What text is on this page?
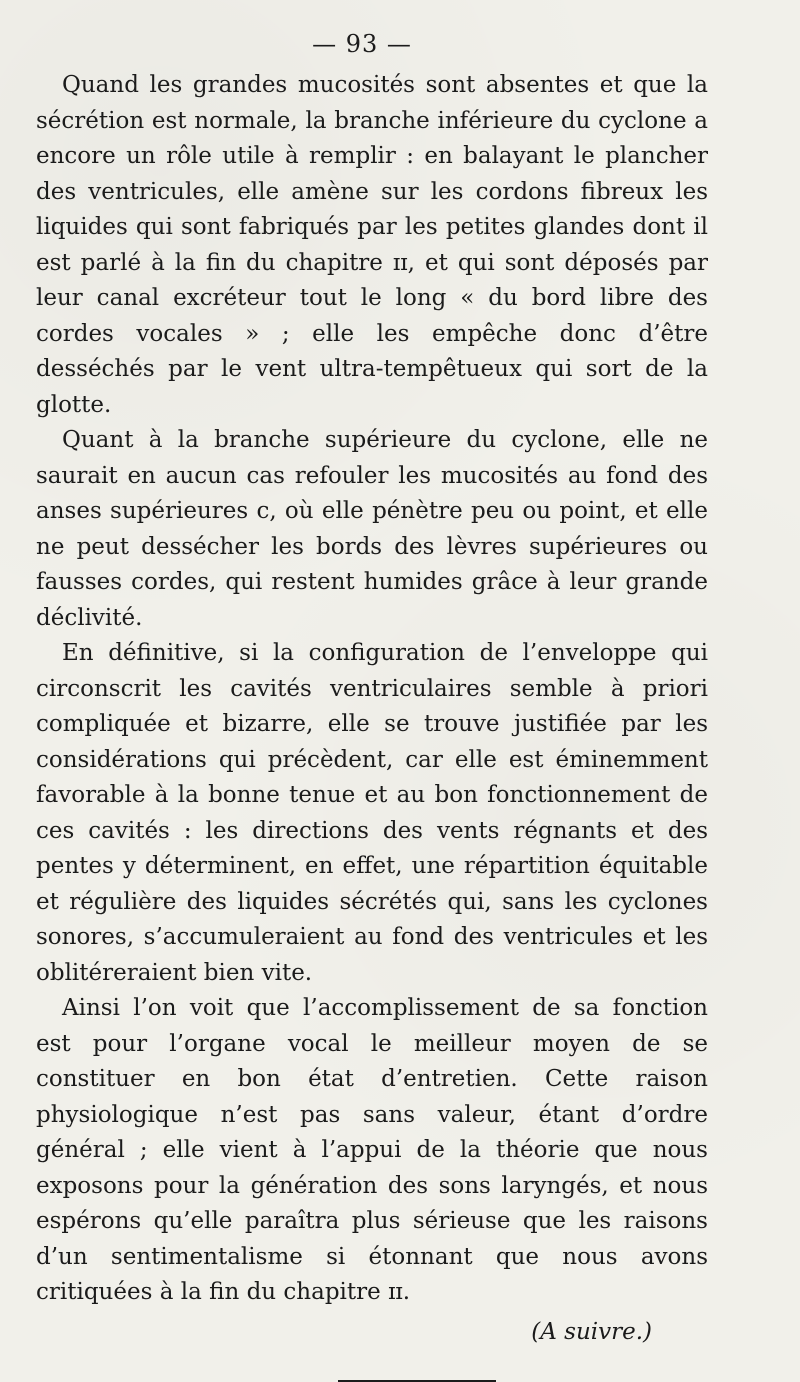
— 93 —

Quand les grandes mucosités sont absentes et que la sécrétion est normale, la branche inférieure du cyclone a encore un rôle utile à remplir : en balayant le plancher des ventricules, elle amène sur les cordons fibreux les liquides qui sont fabriqués par les petites glandes dont il est parlé à la fin du chapitre ɪɪ, et qui sont déposés par leur canal excréteur tout le long « du bord libre des cordes vocales » ; elle les empêche donc d’être desséchés par le vent ultra-tempêtueux qui sort de la glotte.

Quant à la branche supérieure du cyclone, elle ne saurait en aucun cas refouler les mucosités au fond des anses supérieures c, où elle pénètre peu ou point, et elle ne peut dessécher les bords des lèvres supérieures ou fausses cordes, qui restent humides grâce à leur grande déclivité.

En définitive, si la configuration de l’enveloppe qui circonscrit les cavités ventriculaires semble à priori compliquée et bizarre, elle se trouve justifiée par les considérations qui précèdent, car elle est éminemment favorable à la bonne tenue et au bon fonctionnement de ces cavités : les directions des vents régnants et des pentes y déterminent, en effet, une répartition équitable et régulière des liquides sécrétés qui, sans les cyclones sonores, s’accumuleraient au fond des ventricules et les oblitéreraient bien vite.

Ainsi l’on voit que l’accomplissement de sa fonction est pour l’organe vocal le meilleur moyen de se constituer en bon état d’entretien. Cette raison physiologique n’est pas sans valeur, étant d’ordre général ; elle vient à l’appui de la théorie que nous exposons pour la génération des sons laryngés, et nous espérons qu’elle paraîtra plus sérieuse que les raisons d’un sentimentalisme si étonnant que nous avons critiquées à la fin du chapitre ɪɪ.

(A suivre.)
